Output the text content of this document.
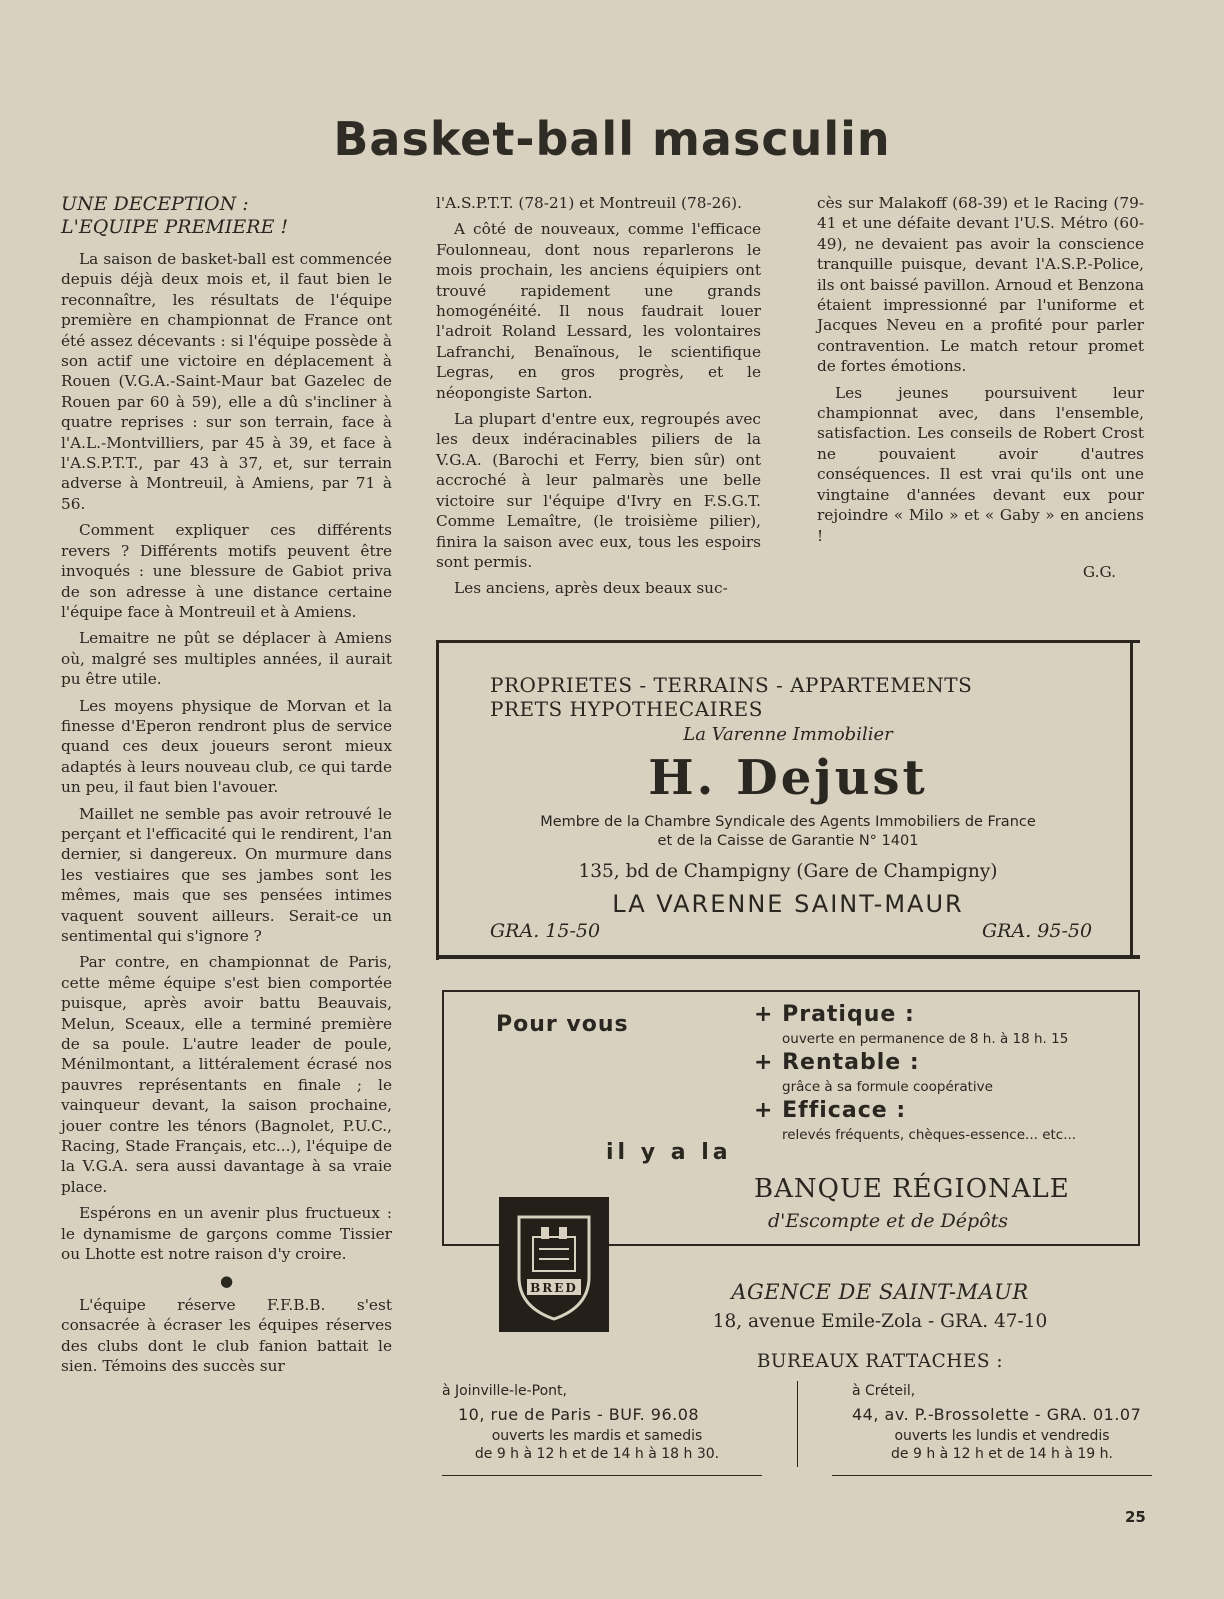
Basket-ball masculin
UNE DECEPTION :
L'EQUIPE PREMIERE !

La saison de basket-ball est commencée depuis déjà deux mois et, il faut bien le reconnaître, les résultats de l'équipe première en championnat de France ont été assez décevants : si l'équipe possède à son actif une victoire en déplacement à Rouen (V.G.A.-Saint-Maur bat Gazelec de Rouen par 60 à 59), elle a dû s'incliner à quatre reprises : sur son terrain, face à l'A.L.-Montvilliers, par 45 à 39, et face à l'A.S.P.T.T., par 43 à 37, et, sur terrain adverse à Montreuil, à Amiens, par 71 à 56.

Comment expliquer ces différents revers ? Différents motifs peuvent être invoqués : une blessure de Gabiot priva de son adresse à une distance certaine l'équipe face à Montreuil et à Amiens.

Lemaitre ne pût se déplacer à Amiens où, malgré ses multiples années, il aurait pu être utile.

Les moyens physique de Morvan et la finesse d'Eperon rendront plus de service quand ces deux joueurs seront mieux adaptés à leurs nouveau club, ce qui tarde un peu, il faut bien l'avouer.

Maillet ne semble pas avoir retrouvé le perçant et l'efficacité qui le rendirent, l'an dernier, si dangereux. On murmure dans les vestiaires que ses jambes sont les mêmes, mais que ses pensées intimes vaquent souvent ailleurs. Serait-ce un sentimental qui s'ignore ?

Par contre, en championnat de Paris, cette même équipe s'est bien comportée puisque, après avoir battu Beauvais, Melun, Sceaux, elle a terminé première de sa poule. L'autre leader de poule, Ménilmontant, a littéralement écrasé nos pauvres représentants en finale ; le vainqueur devant, la saison prochaine, jouer contre les ténors (Bagnolet, P.U.C., Racing, Stade Français, etc...), l'équipe de la V.G.A. sera aussi davantage à sa vraie place.

Espérons en un avenir plus fructueux : le dynamisme de garçons comme Tissier ou Lhotte est notre raison d'y croire.

●

L'équipe réserve F.F.B.B. s'est consacrée à écraser les équipes réserves des clubs dont le club fanion battait le sien. Témoins des succès sur

l'A.S.P.T.T. (78-21) et Montreuil (78-26).

A côté de nouveaux, comme l'efficace Foulonneau, dont nous reparlerons le mois prochain, les anciens équipiers ont trouvé rapidement une grands homogénéité. Il nous faudrait louer l'adroit Roland Lessard, les volontaires Lafranchi, Benaïnous, le scientifique Legras, en gros progrès, et le néopongiste Sarton.

La plupart d'entre eux, regroupés avec les deux indéracinables piliers de la V.G.A. (Barochi et Ferry, bien sûr) ont accroché à leur palmarès une belle victoire sur l'équipe d'Ivry en F.S.G.T. Comme Lemaître, (le troisième pilier), finira la saison avec eux, tous les espoirs sont permis.

Les anciens, après deux beaux suc-

cès sur Malakoff (68-39) et le Racing (79-41 et une défaite devant l'U.S. Métro (60-49), ne devaient pas avoir la conscience tranquille puisque, devant l'A.S.P.-Police, ils ont baissé pavillon. Arnoud et Benzona étaient impressionné par l'uniforme et Jacques Neveu en a profité pour parler contravention. Le match retour promet de fortes émotions.

Les jeunes poursuivent leur championnat avec, dans l'ensemble, satisfaction. Les conseils de Robert Crost ne pouvaient avoir d'autres conséquences. Il est vrai qu'ils ont une vingtaine d'années devant eux pour rejoindre « Milo » et « Gaby » en anciens !

G.G.
PROPRIETES - TERRAINS - APPARTEMENTS
PRETS HYPOTHECAIRES
La Varenne Immobilier
H. Dejust
Membre de la Chambre Syndicale des Agents Immobiliers de France
et de la Caisse de Garantie N° 1401
135, bd de Champigny (Gare de Champigny)
LA VARENNE SAINT-MAUR
GRA. 15-50	GRA. 95-50
Pour vous	+ Pratique :
ouverte en permanence de 8 h. à 18 h. 15
+ Rentable :
grâce à sa formule coopérative
+ Efficace :
relevés fréquents, chèques-essence... etc...
il y a la
BANQUE RÉGIONALE
d'Escompte et de Dépôts
BRED	AGENCE DE SAINT-MAUR
18, avenue Emile-Zola - GRA. 47-10
BUREAUX RATTACHES :
à Joinville-le-Pont,
10, rue de Paris - BUF. 96.08
ouverts les mardis et samedis
de 9 h à 12 h et de 14 h à 18 h 30.
à Créteil,
44, av. P.-Brossolette - GRA. 01.07
ouverts les lundis et vendredis
de 9 h à 12 h et de 14 h à 19 h.
25
